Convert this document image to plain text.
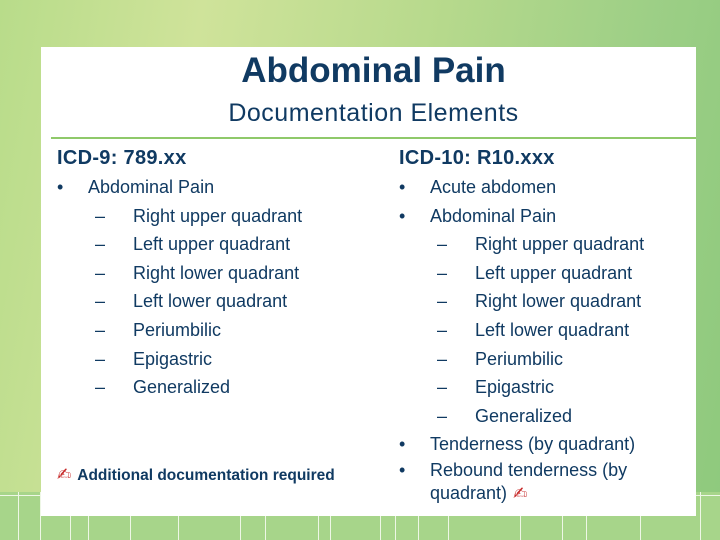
Abdominal Pain
Documentation Elements
ICD-9: 789.xx
• Abdominal Pain
– Right upper quadrant
– Left upper quadrant
– Right lower quadrant
– Left lower quadrant
– Periumbilic
– Epigastric
– Generalized
ICD-10: R10.xxx
• Acute abdomen
• Abdominal Pain
– Right upper quadrant
– Left upper quadrant
– Right lower quadrant
– Left lower quadrant
– Periumbilic
– Epigastric
– Generalized
• Tenderness (by quadrant)
• Rebound tenderness (by quadrant) ✍
✍ Additional documentation required
